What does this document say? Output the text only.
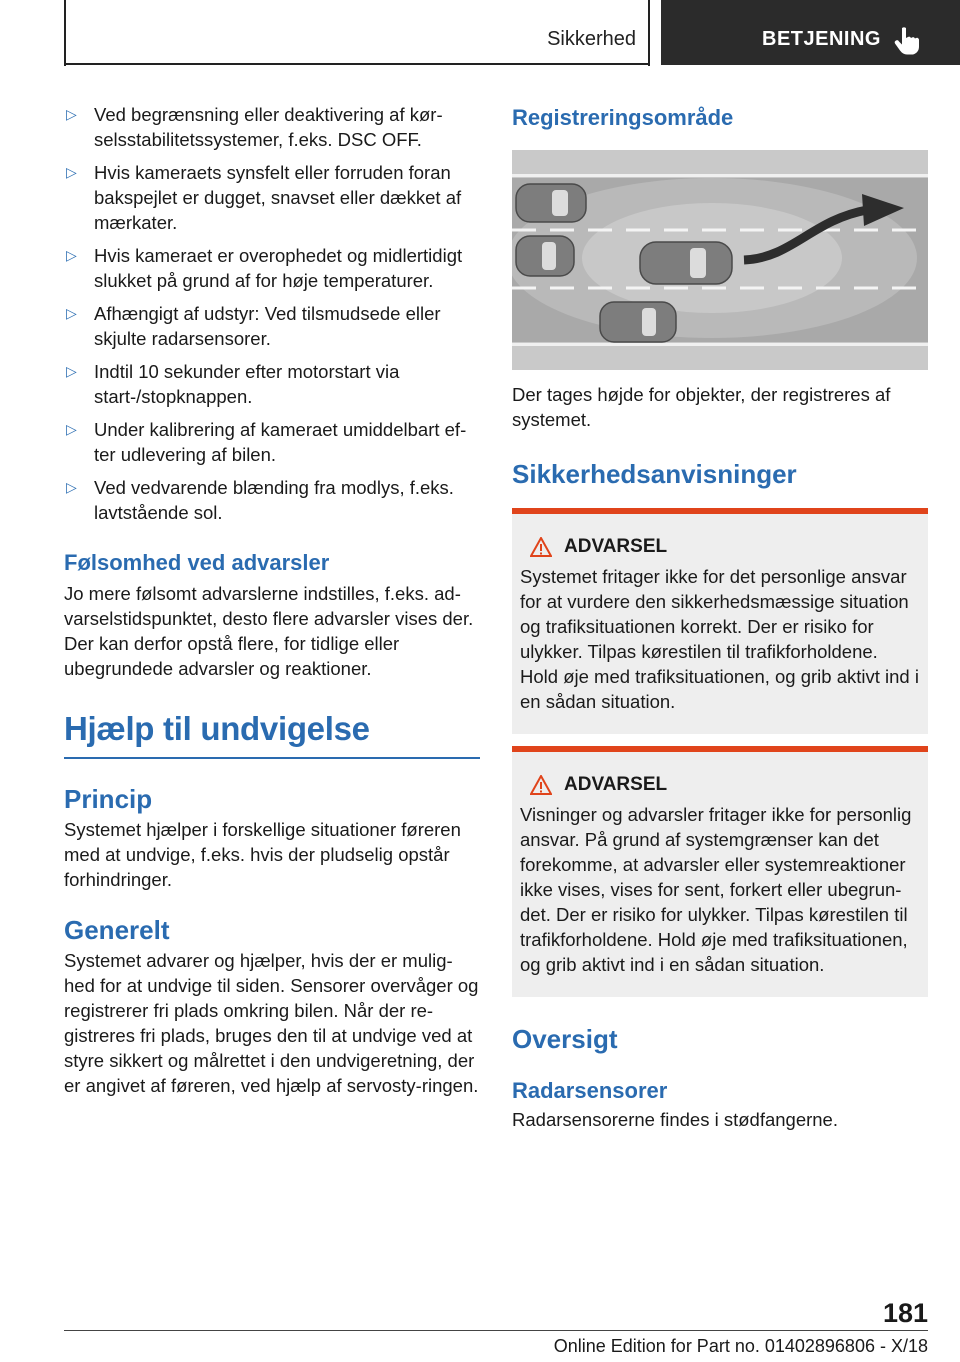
Sikkerhed	BETJENING

▷ Ved begrænsning eller deaktivering af kør-selsstabilitetssystemer, f.eks. DSC OFF.

▷ Hvis kameraets synsfelt eller forruden foran bakspejlet er dugget, snavset eller dækket af mærkater.

▷ Hvis kameraet er overophedet og midlertidigt slukket på grund af for høje temperaturer.

▷ Afhængigt af udstyr: Ved tilsmudsede eller skjulte radarsensorer.

▷ Indtil 10 sekunder efter motorstart via start-/stopknappen.

▷ Under kalibrering af kameraet umiddelbart ef-ter udlevering af bilen.

▷ Ved vedvarende blænding fra modlys, f.eks. lavtstående sol.

Følsomhed ved advarsler

Jo mere følsomt advarslerne indstilles, f.eks. ad-varselstidspunktet, desto flere advarsler vises der. Der kan derfor opstå flere, for tidlige eller ubegrundede advarsler og reaktioner.

Hjælp til undvigelse
Princip

Systemet hjælper i forskellige situationer føreren med at undvige, f.eks. hvis der pludselig opstår forhindringer.

Generelt

Systemet advarer og hjælper, hvis der er mulig-hed for at undvige til siden. Sensorer overvåger og registrerer fri plads omkring bilen. Når der re-gistreres fri plads, bruges den til at undvige ved at styre sikkert og målrettet i den undvigeretning, der er angivet af føreren, ved hjælp af servosty-ringen.

Registreringsområde

Der tages højde for objekter, der registreres af systemet.

Sikkerhedsanvisninger
ADVARSEL

Systemet fritager ikke for det personlige ansvar for at vurdere den sikkerhedsmæssige situation og trafiksituationen korrekt. Der er risiko for ulykker. Tilpas kørestilen til trafikforholdene. Hold øje med trafiksituationen, og grib aktivt ind i en sådan situation.

ADVARSEL

Visninger og advarsler fritager ikke for personlig ansvar. På grund af systemgrænser kan det forekomme, at advarsler eller systemreaktioner ikke vises, vises for sent, forkert eller ubegrun-det. Der er risiko for ulykker. Tilpas kørestilen til trafikforholdene. Hold øje med trafiksituationen, og grib aktivt ind i en sådan situation.

Oversigt
Radarsensorer

Radarsensorerne findes i stødfangerne.

181
Online Edition for Part no. 01402896806 - X/18
